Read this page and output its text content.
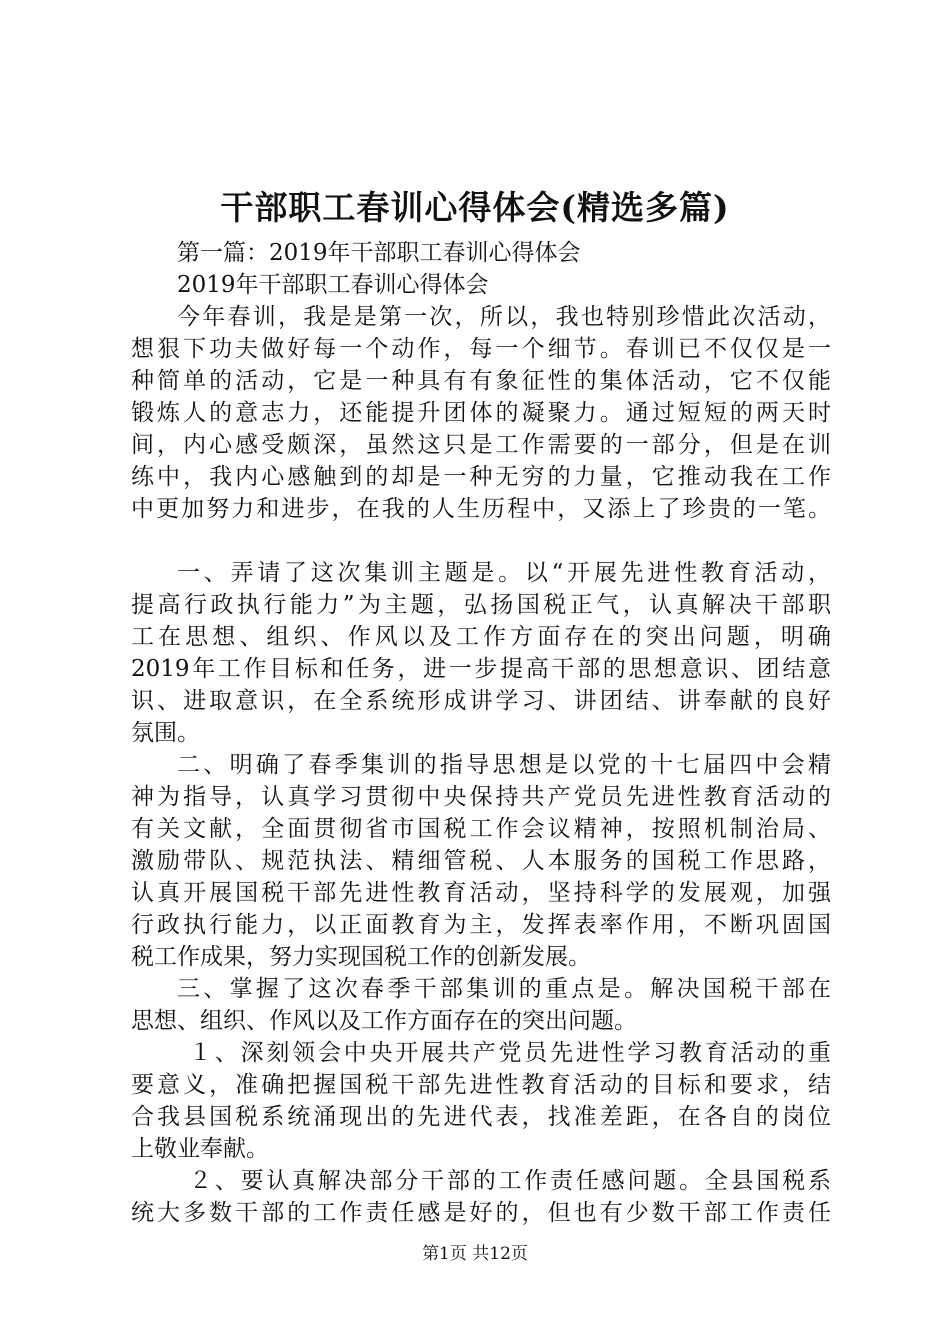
干部职工春训心得体会(精选多篇)
第一篇：2019年干部职工春训心得体会
2019年干部职工春训心得体会
今年春训，我是是第一次，所以，我也特别珍惜此次活动，
想狠下功夫做好每一个动作，每一个细节。春训已不仅仅是一
种简单的活动，它是一种具有有象征性的集体活动，它不仅能
锻炼人的意志力，还能提升团体的凝聚力。通过短短的两天时
间，内心感受颇深，虽然这只是工作需要的一部分，但是在训
练中，我内心感触到的却是一种无穷的力量，它推动我在工作
中更加努力和进步，在我的人生历程中，又添上了珍贵的一笔。
一、弄请了这次集训主题是。以“开展先进性教育活动，
提高行政执行能力”为主题，弘扬国税正气，认真解决干部职
工在思想、组织、作风以及工作方面存在的突出问题，明确
2019年工作目标和任务，进一步提高干部的思想意识、团结意
识、进取意识，在全系统形成讲学习、讲团结、讲奉献的良好
氛围。
二、明确了春季集训的指导思想是以党的十七届四中会精
神为指导，认真学习贯彻中央保持共产党员先进性教育活动的
有关文献，全面贯彻省市国税工作会议精神，按照机制治局、
激励带队、规范执法、精细管税、人本服务的国税工作思路，
认真开展国税干部先进性教育活动，坚持科学的发展观，加强
行政执行能力，以正面教育为主，发挥表率作用，不断巩固国
税工作成果，努力实现国税工作的创新发展。
三、掌握了这次春季干部集训的重点是。解决国税干部在
思想、组织、作风以及工作方面存在的突出问题。
１、深刻领会中央开展共产党员先进性学习教育活动的重
要意义，准确把握国税干部先进性教育活动的目标和要求，结
合我县国税系统涌现出的先进代表，找准差距，在各自的岗位
上敬业奉献。
２、要认真解决部分干部的工作责任感问题。全县国税系
统大多数干部的工作责任感是好的，但也有少数干部工作责任
第1页 共12页
